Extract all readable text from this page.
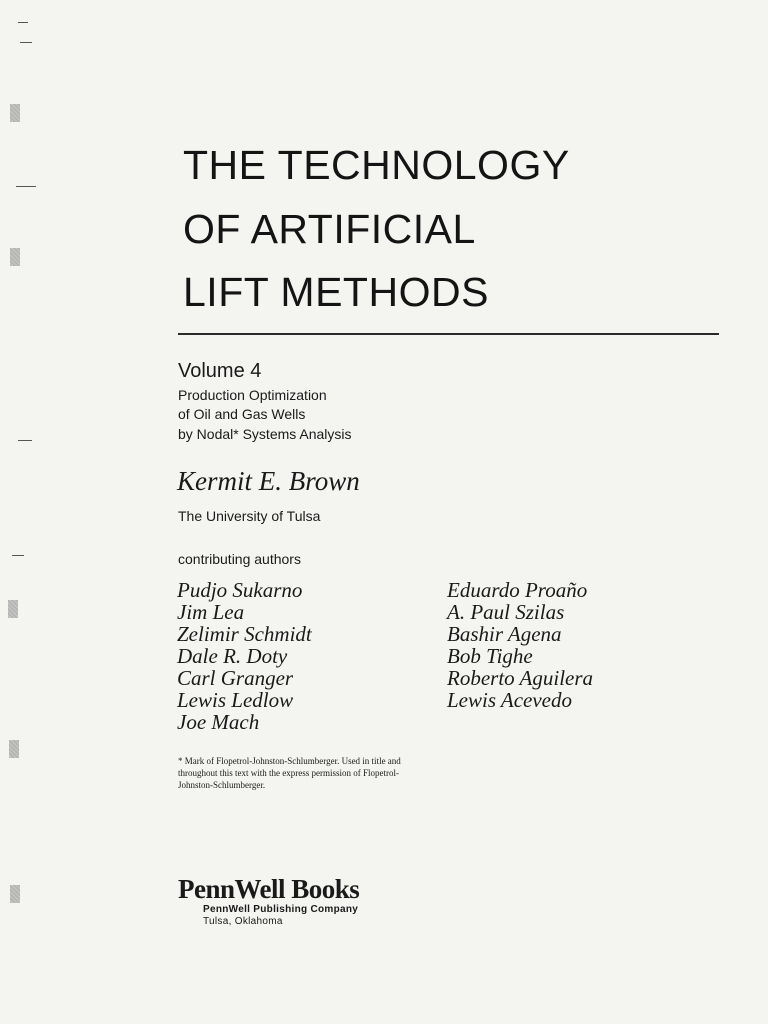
THE TECHNOLOGY
OF ARTIFICIAL
LIFT METHODS
Volume 4
Production Optimization
of Oil and Gas Wells
by Nodal* Systems Analysis
Kermit E. Brown
The University of Tulsa
contributing authors
Pudjo Sukarno
Jim Lea
Zelimir Schmidt
Dale R. Doty
Carl Granger
Lewis Ledlow
Joe Mach
Eduardo Proaño
A. Paul Szilas
Bashir Agena
Bob Tighe
Roberto Aguilera
Lewis Acevedo
* Mark of Flopetrol-Johnston-Schlumberger. Used in title and
throughout this text with the express permission of Flopetrol-
Johnston-Schlumberger.
PennWell Books
PennWell Publishing Company
Tulsa, Oklahoma
